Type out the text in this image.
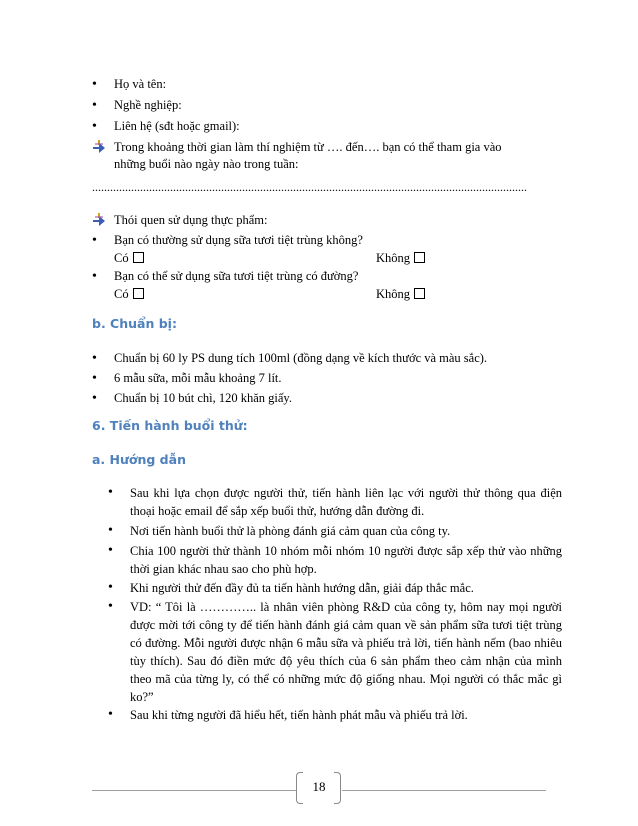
• Họ và tên:
• Nghề nghiệp:
• Liên hệ (sđt hoặc gmail):
Trong khoảng thời gian làm thí nghiệm từ …. đến…. bạn có thể tham gia vào
những buổi nào ngày nào trong tuần:
.................................................................................................................................................
Thói quen sử dụng thực phẩm:
• Bạn có thường sử dụng sữa tươi tiệt trùng không?
Có	Không
• Bạn có thể sử dụng sữa tươi tiệt trùng có đường?
Có	Không
b. Chuẩn bị:
• Chuẩn bị 60 ly PS dung tích 100ml (đồng dạng về kích thước và màu sắc).
• 6 mẫu sữa, mỗi mẫu khoảng 7 lít.
• Chuẩn bị 10 bút chì, 120 khăn giấy.
6. Tiến hành buổi thử:
a. Hướng dẫn
• Sau khi lựa chọn được người thử, tiến hành liên lạc với người thử thông qua điện thoại hoặc email để sắp xếp buổi thử, hướng dẫn đường đi.
• Nơi tiến hành buổi thử là phòng đánh giá cảm quan của công ty.
• Chia 100 người thử thành 10 nhóm mỗi nhóm 10 người được sắp xếp thử vào những thời gian khác nhau sao cho phù hợp.
• Khi người thử đến đầy đủ ta tiến hành hướng dẫn, giải đáp thắc mắc.
• VD: “ Tôi là ………….. là nhân viên phòng R&D của công ty, hôm nay mọi người được mời tới công ty để tiến hành đánh giá cảm quan về sản phẩm sữa tươi tiệt trùng có đường. Mỗi người được nhận 6 mẫu sữa và phiếu trả lời, tiến hành nếm (bao nhiêu tùy thích). Sau đó điền mức độ yêu thích của 6 sản phẩm theo cảm nhận của mình theo mã của từng ly, có thể có những mức độ giống nhau. Mọi người có thắc mắc gì ko?”
• Sau khi từng người đã hiểu hết, tiến hành phát mẫu và phiếu trả lời.
18
